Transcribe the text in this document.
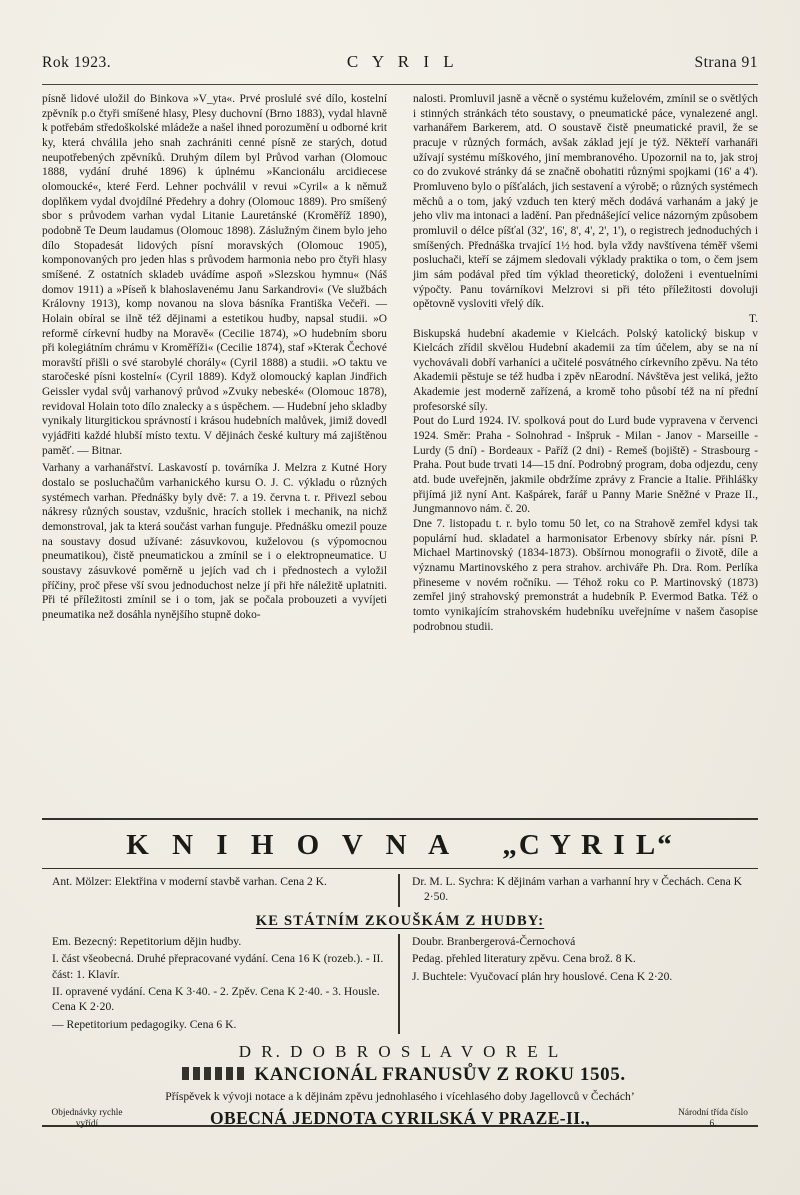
Rok 1923.	C Y R I L	Strana 91

písně lidové uložil do Binkova »V_yta«. Prvé proslulé své dílo, kostelní zpěvník p.o čtyři smíšené hlasy, Plesy duchovní (Brno 1883), vydal hlavně k potřebám středoškolské mládeže a našel ihned porozumění u odborné krit ky, která chválila jeho snah zachrániti cenné písně ze starých, dotud neupotřebených zpěvníků. Druhým dílem byl Průvod varhan (Olomouc 1888, vydání druhé 1896) k úplnému »Kancionálu arcidiecese olomoucké«, které Ferd. Lehner pochválil v revui »Cyril« a k němuž doplňkem vydal dvojdílné Předehry a dohry (Olomouc 1889). Pro smíšený sbor s průvodem varhan vydal Litanie Lauretánské (Kroměříž 1890), podobně Te Deum laudamus (Olomouc 1898). Záslužným činem bylo jeho dílo Stopadesát lidových písní moravských (Olomouc 1905), komponovaných pro jeden hlas s průvodem harmonia nebo pro čtyři hlasy smíšené. Z ostatních skladeb uvádíme aspoň »Slezskou hymnu« (Náš domov 1911) a »Píseň k blahoslavenému Janu Sarkandrovi« (Ve službách Královny 1913), komp novanou na slova básníka Františka Večeři. — Holain obíral se ilně též dějinami a estetikou hudby, napsal studii. »O reformě církevní hudby na Moravě« (Cecilie 1874), »O hudebním sboru při kolegiátním chrámu v Kroměříži« (Cecilie 1874), staf »Kterak Čechové moravští přišli o své starobylé chorály« (Cyril 1888) a studii. »O taktu ve staročeské písni kostelní« (Cyril 1889). Když olomoucký kaplan Jindřich Geissler vydal svůj varhanový průvod »Zvuky nebeské« (Olomouc 1878), revidoval Holain toto dílo znalecky a s úspěchem. — Hudební jeho skladby vynikaly liturgitickou správností i krásou hudebních malůvek, jimiž dovedl vyjádřiti každé hlubší místo textu. V dějinách české kultury má zajištěnou paměť. — Bitnar.

Varhany a varhanářství. Laskavostí p. továrníka J. Melzra z Kutné Hory dostalo se posluchačům varhanického kursu O. J. C. výkladu o různých systémech varhan. Přednášky byly dvě: 7. a 19. června t. r. Přivezl sebou nákresy různých soustav, vzdušnic, hracích stollek i mechanik, na nichž demonstroval, jak ta která součást varhan funguje. Přednášku omezil pouze na soustavy dosud užívané: zásuvkovou, kuželovou (s výpomocnou pneumatikou), čistě pneumatickou a zmínil se i o elektropneumatice. U soustavy zásuvkové poměrně u jejích vad ch i přednostech a vyložil příčiny, proč přese vší svou jednoduchost nelze jí při hře náležitě uplatniti. Při té příležitosti zmínil se i o tom, jak se počala probouzeti a vyvíjeti pneumatika než dosáhla nynějšího stupně doko-

nalosti. Promluvil jasně a věcně o systému kuželovém, zmínil se o světlých i stinných stránkách této soustavy, o pneumatické páce, vynalezené angl. varhanářem Barkerem, atd. O soustavě čistě pneumatické pravil, že se pracuje v různých formách, avšak základ její je týž. Někteří varhanáři užívají systému míškového, jiní membranového. Upozornil na to, jak stroj co do zvukové stránky dá se značně obohatiti různými spojkami (16' a 4'). Promluveno bylo o píšťalách, jich sestavení a výrobě; o různých systémech měchů a o tom, jaký vzduch ten který měch dodává varhanám a jaký je jeho vliv ma intonaci a ladění. Pan přednášející velice názorným způsobem promluvil o délce píšťal (32', 16', 8', 4', 2', 1'), o registrech jednoduchých i smíšených. Přednáška trvající 1½ hod. byla vždy navštívena téměř všemi posluchači, kteří se zájmem sledovali výklady praktika o tom, o čem jsem jim sám podával před tím výklad theoretický, doloženi i eventuelními výpočty. Panu továrníkovi Melzrovi si při této příležitosti dovoluji opětovně vysloviti vřelý dík.

T.

Biskupská hudební akademie v Kielcách. Polský katolický biskup v Kielcách zřídil skvělou Hudební akademii za tím účelem, aby se na ní vychovávali dobří varhaníci a učitelé posvátného církevního zpěvu. Na této Akademii pěstuje se též hudba i zpěv nEarodní. Návštěva jest veliká, ježto Akademie jest moderně zařízená, a kromě toho působí též na ní přední profesorské síly.

Pout do Lurd 1924. IV. spolková pout do Lurd bude vypravena v červenci 1924. Směr: Praha - Solnohrad - Inšpruk - Milan - Janov - Marseille - Lurdy (5 dní) - Bordeaux - Paříž (2 dni) - Remeš (bojiště) - Strasbourg - Praha. Pout bude trvati 14—15 dní. Podrobný program, doba odjezdu, ceny atd. bude uveřejněn, jakmile obdržíme zprávy z Francie a Italie. Přihlášky přijímá již nyní Ant. Kašpárek, farář u Panny Marie Sněžné v Praze II., Jungmannovo nám. č. 20.

Dne 7. listopadu t. r. bylo tomu 50 let, co na Strahově zemřel kdysi tak populární hud. skladatel a harmonisator Erbenovy sbírky nár. písni P. Michael Martinovský (1834-1873). Obšírnou monografii o životě, díle a významu Martinovského z pera strahov. archiváře Ph. Dra. Rom. Perlíka přineseme v novém ročníku. — Téhož roku co P. Martinovský (1873) zemřel jiný strahovský premonstrát a hudebník P. Evermod Batka. Též o tomto vynikajícím strahovském hudebníku uveřejníme v našem časopise podrobnou studii.

K N I H O V N A „C Y R I L“

Ant. Mölzer: Elektřina v moderní stavbě varhan. Cena 2 K.	Dr. M. L. Sychra: K dějinám varhan a varhanní hry v Čechách. Cena K 2·50.

KE STÁTNÍM ZKOUŠKÁM Z HUDBY:

Em. Bezecný: Repetitorium dějin hudby.

I. část všeobecná. Druhé přepracované vydání. Cena 16 K (rozeb.). - II. část: 1. Klavír.

II. opravené vydání. Cena K 3·40. - 2. Zpěv. Cena K 2·40. - 3. Housle. Cena K 2·20.

— Repetitorium pedagogiky. Cena 6 K.

Doubr. Branbergerová-Černochová

Pedag. přehled literatury zpěvu. Cena brož. 8 K.

J. Buchtele: Vyučovací plán hry houslové. Cena K 2·20.

D R. D O B R O S L A V O R E L
KANCIONÁL FRANUSŮV Z ROKU 1505.
Příspěvek k vývoji notace a k dějinám zpěvu jednohlasého i vícehlasého doby Jagellovců v Čechách’
Objednávky rychle vyřídí	OBECNÁ JEDNOTA CYRILSKÁ V PRAZE-II.,	Národní třída číslo 6.
